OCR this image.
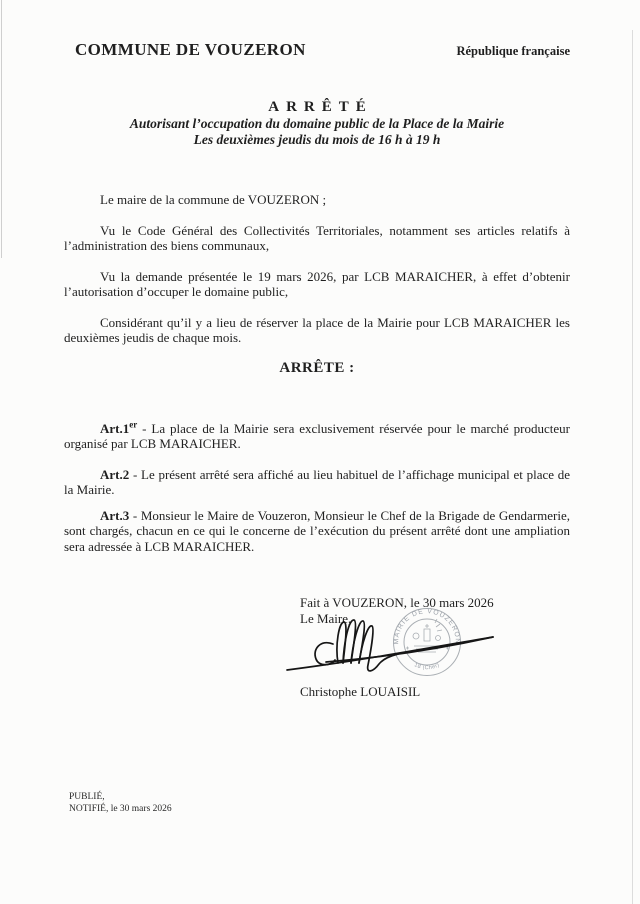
COMMUNE DE VOUZERON	République française
ARRÊTÉ
Autorisant l’occupation du domaine public de la Place de la Mairie
Les deuxièmes jeudis du mois de 16 h à 19 h

Le maire de la commune de VOUZERON ;

Vu le Code Général des Collectivités Territoriales, notamment ses articles relatifs à l’administration des biens communaux,

Vu la demande présentée le 19 mars 2026, par LCB MARAICHER, à effet d’obtenir l’autorisation d’occuper le domaine public,

Considérant qu’il y a lieu de réserver la place de la Mairie pour LCB MARAICHER les deuxièmes jeudis de chaque mois.

ARRÊTE :

Art.1er - La place de la Mairie sera exclusivement réservée pour le marché producteur organisé par LCB MARAICHER.

Art.2 - Le présent arrêté sera affiché au lieu habituel de l’affichage municipal et place de la Mairie.

Art.3 - Monsieur le Maire de Vouzeron, Monsieur le Chef de la Brigade de Gendarmerie, sont chargés, chacun en ce qui le concerne de l’exécution du présent arrêté dont une ampliation sera adressée à LCB MARAICHER.

Fait à VOUZERON, le 30 mars 2026
Le Maire,
Christophe LOUAISIL
MAIRIE DE VOUZERON
18 (Cher)
PUBLIÉ,
NOTIFIÉ, le 30 mars 2026
